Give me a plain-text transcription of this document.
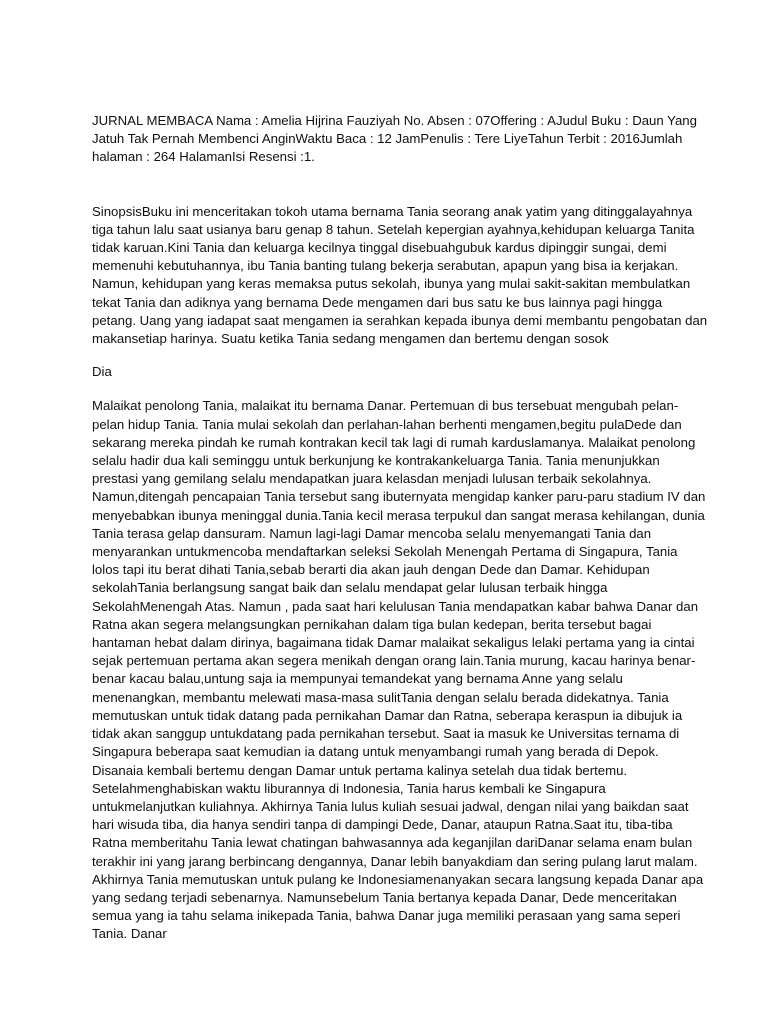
JURNAL MEMBACA Nama : Amelia Hijrina Fauziyah No. Absen : 07Offering : AJudul Buku : Daun Yang Jatuh Tak Pernah Membenci AnginWaktu Baca : 12 JamPenulis : Tere LiyeTahun Terbit : 2016Jumlah halaman : 264 HalamanIsi Resensi :1.

SinopsisBuku ini menceritakan tokoh utama bernama Tania seorang anak yatim yang ditinggalayahnya tiga tahun lalu saat usianya baru genap 8 tahun. Setelah kepergian ayahnya,kehidupan keluarga Tanita tidak karuan.Kini Tania dan keluarga kecilnya tinggal disebuahgubuk kardus dipinggir sungai, demi memenuhi kebutuhannya, ibu Tania banting tulang bekerja serabutan, apapun yang bisa ia kerjakan. Namun, kehidupan yang keras memaksa putus sekolah, ibunya yang mulai sakit-sakitan membulatkan tekat Tania dan adiknya yang bernama Dede mengamen dari bus satu ke bus lainnya pagi hingga petang. Uang yang iadapat saat mengamen ia serahkan kepada ibunya demi membantu pengobatan dan makansetiap harinya. Suatu ketika Tania sedang mengamen dan bertemu dengan sosok

Dia

Malaikat penolong Tania, malaikat itu bernama Danar. Pertemuan di bus tersebuat mengubah pelan- pelan hidup Tania. Tania mulai sekolah dan perlahan-lahan berhenti mengamen,begitu pulaDede dan sekarang mereka pindah ke rumah kontrakan kecil tak lagi di rumah karduslamanya. Malaikat penolong selalu hadir dua kali seminggu untuk berkunjung ke kontrakankeluarga Tania. Tania menunjukkan prestasi yang gemilang selalu mendapatkan juara kelasdan menjadi lulusan terbaik sekolahnya. Namun,ditengah pencapaian Tania tersebut sang ibuternyata mengidap kanker paru-paru stadium IV dan menyebabkan ibunya meninggal dunia.Tania kecil merasa terpukul dan sangat merasa kehilangan, dunia Tania terasa gelap dansuram. Namun lagi-lagi Damar mencoba selalu menyemangati Tania dan menyarankan untukmencoba mendaftarkan seleksi Sekolah Menengah Pertama di Singapura, Tania lolos tapi itu berat dihati Tania,sebab berarti dia akan jauh dengan Dede dan Damar. Kehidupan sekolahTania berlangsung sangat baik dan selalu mendapat gelar lulusan terbaik hingga SekolahMenengah Atas. Namun , pada saat hari kelulusan Tania mendapatkan kabar bahwa Danar dan Ratna akan segera melangsungkan pernikahan dalam tiga bulan kedepan, berita tersebut bagai hantaman hebat dalam dirinya, bagaimana tidak Damar malaikat sekaligus lelaki pertama yang ia cintai sejak pertemuan pertama akan segera menikah dengan orang lain.Tania murung, kacau harinya benar-benar kacau balau,untung saja ia mempunyai temandekat yang bernama Anne yang selalu menenangkan, membantu melewati masa-masa sulitTania dengan selalu berada didekatnya. Tania memutuskan untuk tidak datang pada pernikahan Damar dan Ratna, seberapa keraspun ia dibujuk ia tidak akan sanggup untukdatang pada pernikahan tersebut. Saat ia masuk ke Universitas ternama di Singapura beberapa saat kemudian ia datang untuk menyambangi rumah yang berada di Depok. Disanaia kembali bertemu dengan Damar untuk pertama kalinya setelah dua tidak bertemu. Setelahmenghabiskan waktu liburannya di Indonesia, Tania harus kembali ke Singapura untukmelanjutkan kuliahnya. Akhirnya Tania lulus kuliah sesuai jadwal, dengan nilai yang baikdan saat hari wisuda tiba, dia hanya sendiri tanpa di dampingi Dede, Danar, ataupun Ratna.Saat itu, tiba-tiba Ratna memberitahu Tania lewat chatingan bahwasannya ada keganjilan dariDanar selama enam bulan terakhir ini yang jarang berbincang dengannya, Danar lebih banyakdiam dan sering pulang larut malam. Akhirnya Tania memutuskan untuk pulang ke Indonesiamenanyakan secara langsung kepada Danar apa yang sedang terjadi sebenarnya. Namunsebelum Tania bertanya kepada Danar, Dede menceritakan semua yang ia tahu selama inikepada Tania, bahwa Danar juga memiliki perasaan yang sama seperi Tania. Danar
